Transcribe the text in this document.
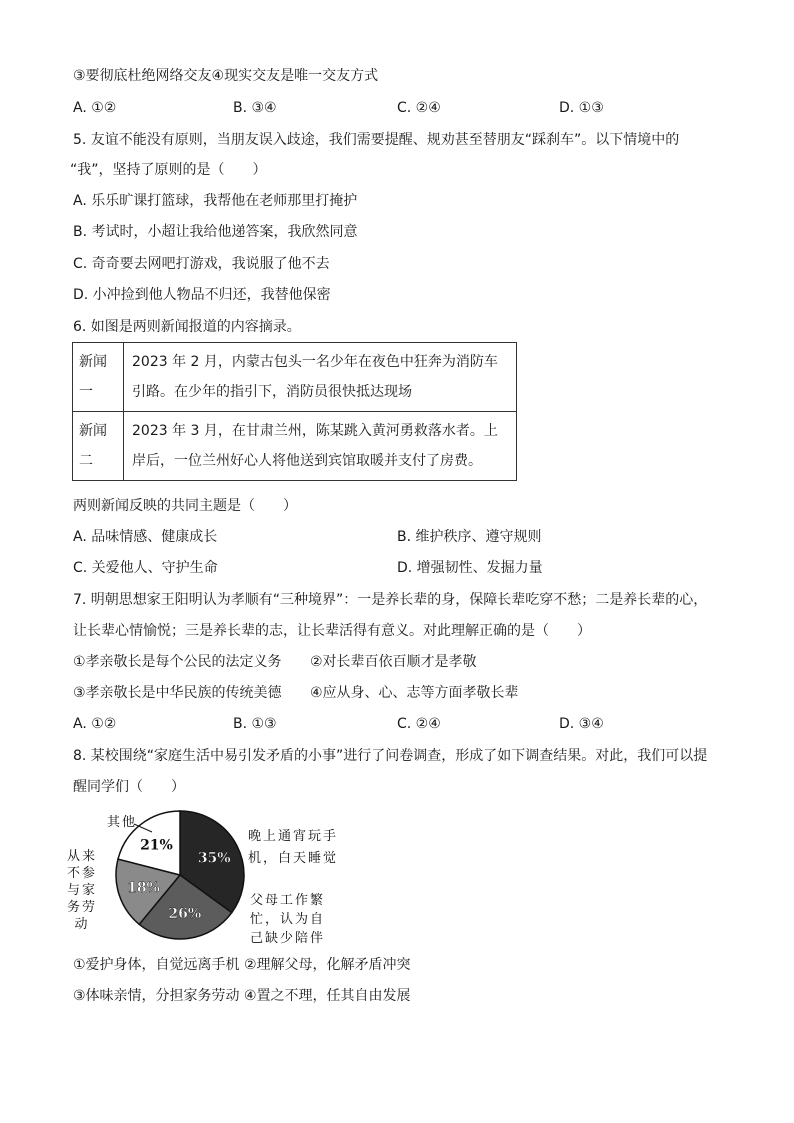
③要彻底杜绝网络交友④现实交友是唯一交友方式
A. ①②	B. ③④	C. ②④	D. ①③
5. 友谊不能没有原则，当朋友误入歧途，我们需要提醒、规劝甚至替朋友“踩刹车”。以下情境中的
“我”，坚持了原则的是（　　）
A. 乐乐旷课打篮球，我帮他在老师那里打掩护
B. 考试时，小超让我给他递答案，我欣然同意
C. 奇奇要去网吧打游戏，我说服了他不去
D. 小冲捡到他人物品不归还，我替他保密
6. 如图是两则新闻报道的内容摘录。
新闻一	2023 年 2 月，内蒙古包头一名少年在夜色中狂奔为消防车引路。在少年的指引下，消防员很快抵达现场
新闻二	2023 年 3 月，在甘肃兰州，陈某跳入黄河勇救落水者。上岸后，一位兰州好心人将他送到宾馆取暖并支付了房费。
两则新闻反映的共同主题是（　　）
A. 品味情感、健康成长	B. 维护秩序、遵守规则
C. 关爱他人、守护生命	D. 增强韧性、发掘力量
7. 明朝思想家王阳明认为孝顺有“三种境界”：一是养长辈的身，保障长辈吃穿不愁；二是养长辈的心，
让长辈心情愉悦；三是养长辈的志，让长辈活得有意义。对此理解正确的是（　　）
①孝亲敬长是每个公民的法定义务 ②对长辈百依百顺才是孝敬
③孝亲敬长是中华民族的传统美德 ④应从身、心、志等方面孝敬长辈
A. ①②	B. ①③	C. ②④	D. ③④
8. 某校围绕“家庭生活中易引发矛盾的小事”进行了问卷调查，形成了如下调查结果。对此，我们可以提
醒同学们（　　）
35%
26%
18%
21%
晚上通宵玩手
机，白天睡觉
父母工作繁
忙，认为自
己缺少陪伴
从来
不参
与家
务劳
动
其他
①爱护身体，自觉远离手机 ②理解父母，化解矛盾冲突
③体味亲情，分担家务劳动 ④置之不理，任其自由发展
